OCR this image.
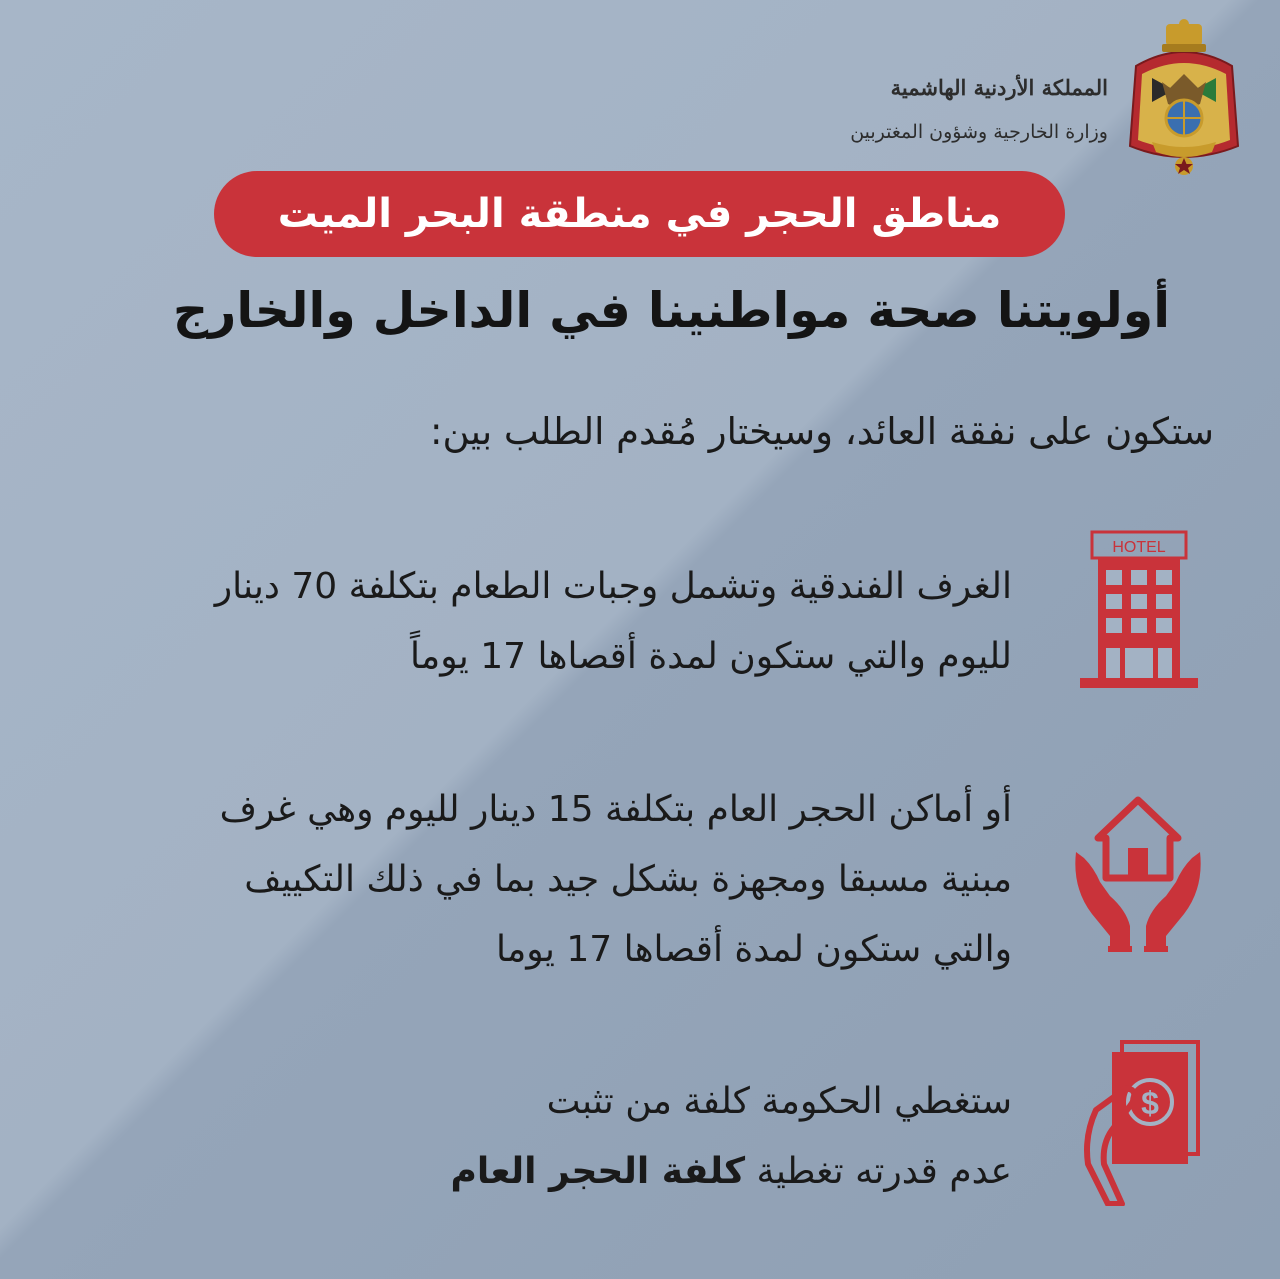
المملكة الأردنية الهاشمية
وزارة الخارجية وشؤون المغتربين
مناطق الحجر في منطقة البحر الميت
أولويتنا صحة مواطنينا في الداخل والخارج
ستكون على نفقة العائد، وسيختار مُقدم الطلب بين:
الغرف الفندقية وتشمل وجبات الطعام بتكلفة 70 دينار
لليوم والتي ستكون لمدة أقصاها 17 يوماً
HOTEL
أو أماكن الحجر العام بتكلفة 15 دينار لليوم وهي غرف
مبنية مسبقا ومجهزة بشكل جيد بما في ذلك التكييف
والتي ستكون لمدة أقصاها 17 يوما
ستغطي الحكومة كلفة من تثبت
عدم قدرته تغطية كلفة الحجر العام
$
